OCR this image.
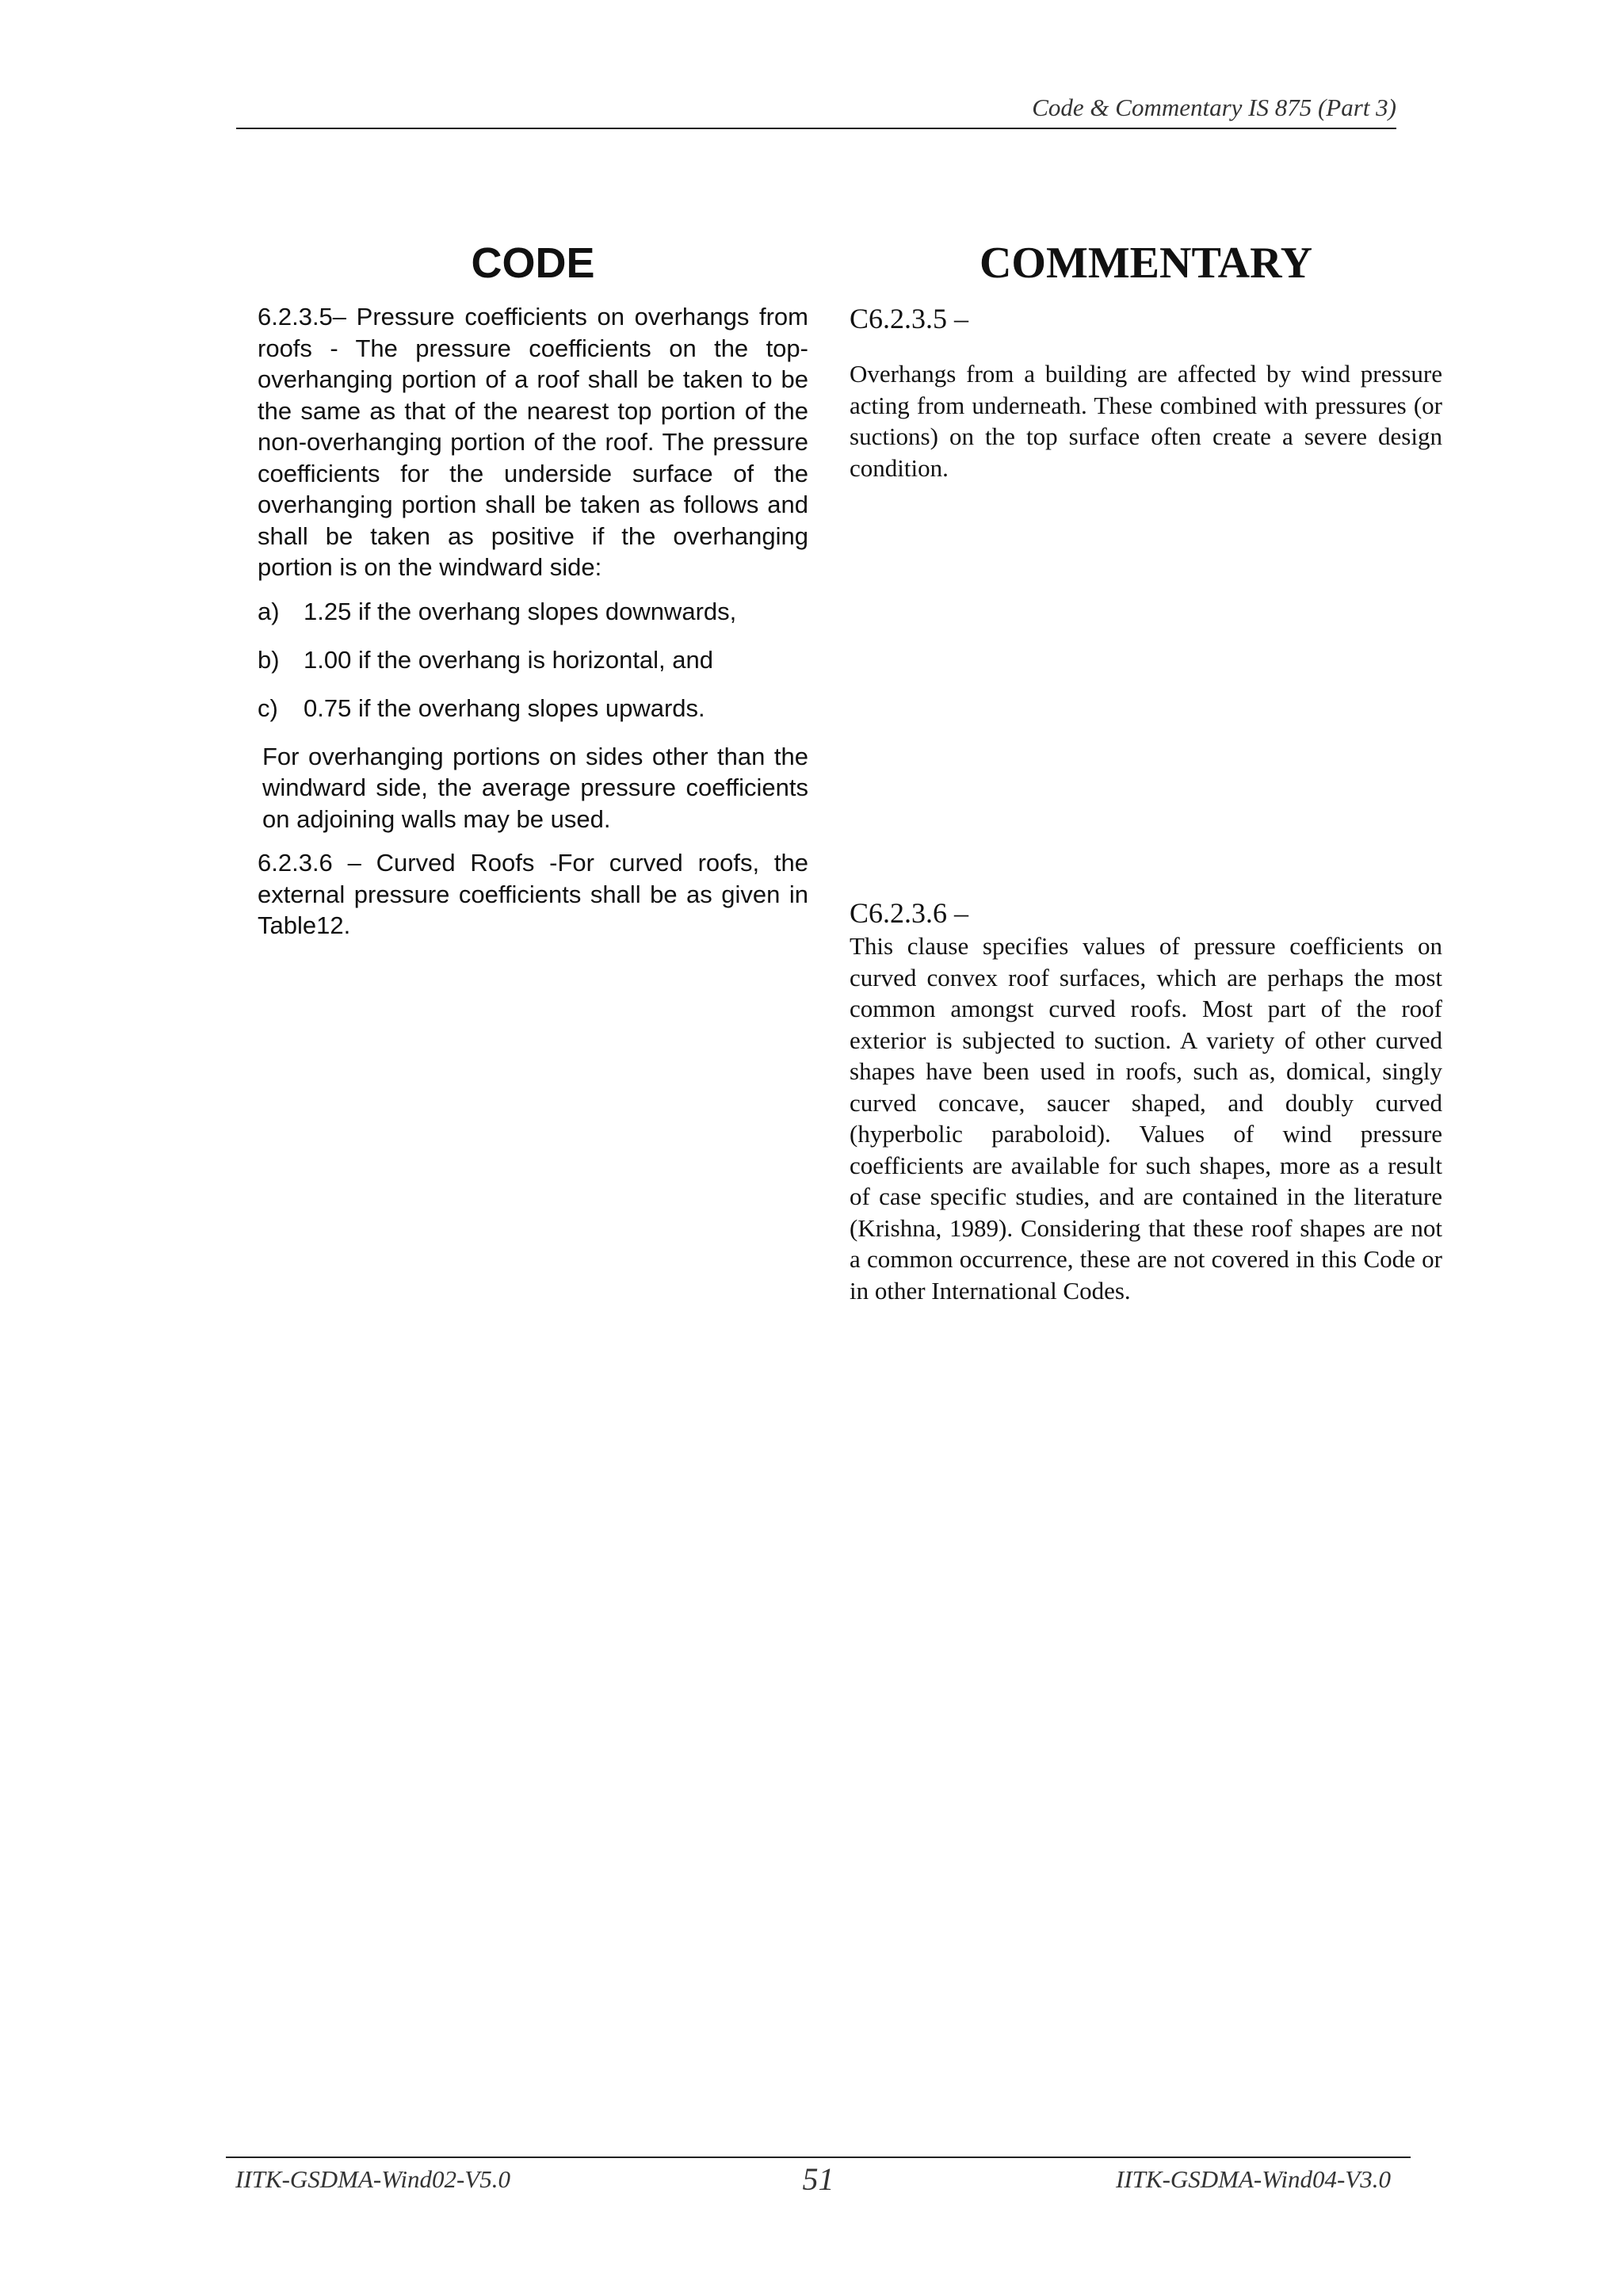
Code & Commentary IS 875 (Part 3)
CODE

6.2.3.5– Pressure coefficients on overhangs from roofs - The pressure coefficients on the top-overhanging portion of a roof shall be taken to be the same as that of the nearest top portion of the non-overhanging portion of the roof. The pressure coefficients for the underside surface of the overhanging portion shall be taken as follows and shall be taken as positive if the overhanging portion is on the windward side:

a) 1.25 if the overhang slopes downwards,
b) 1.00 if the overhang is horizontal, and
c)	0.75 if the overhang slopes upwards.

For overhanging portions on sides other than the windward side, the average pressure coefficients on adjoining walls may be used.

6.2.3.6 – Curved Roofs -For curved roofs, the external pressure coefficients shall be as given in Table12.

COMMENTARY

C6.2.3.5 –

Overhangs from a building are affected by wind pressure acting from underneath. These combined with pressures (or suctions) on the top surface often create a severe design condition.

C6.2.3.6 –

This clause specifies values of pressure coefficients on curved convex roof surfaces, which are perhaps the most common amongst curved roofs. Most part of the roof exterior is subjected to suction. A variety of other curved shapes have been used in roofs, such as, domical, singly curved concave, saucer shaped, and doubly curved (hyperbolic paraboloid). Values of wind pressure coefficients are available for such shapes, more as a result of case specific studies, and are contained in the literature (Krishna, 1989). Considering that these roof shapes are not a common occurrence, these are not covered in this Code or in other International Codes.

IITK-GSDMA-Wind02-V5.0	51	IITK-GSDMA-Wind04-V3.0
